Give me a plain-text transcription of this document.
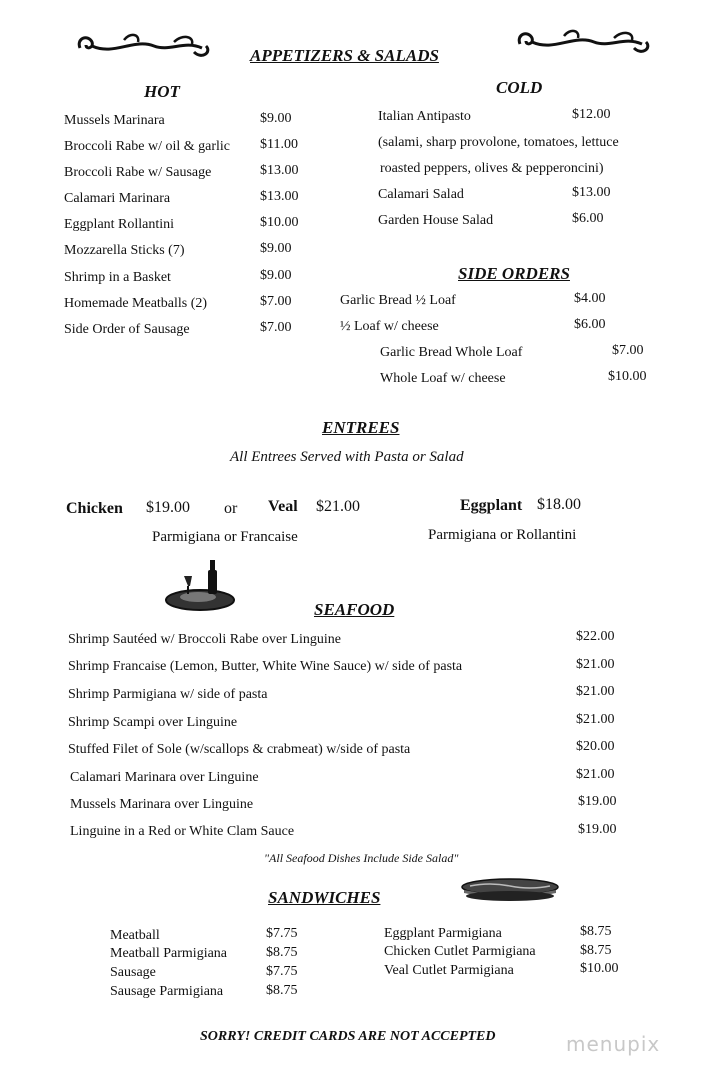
APPETIZERS & SALADS
HOT
Mussels Marinara	$9.00
Broccoli Rabe w/ oil & garlic $11.00
Broccoli Rabe w/ Sausage	$13.00
Calamari Marinara	$13.00
Eggplant Rollantini	$10.00
Mozzarella Sticks (7)	$9.00
Shrimp in a Basket	$9.00
Homemade Meatballs (2)	$7.00
Side Order of Sausage	$7.00
COLD
Italian Antipasto	$12.00
(salami, sharp provolone, tomatoes, lettuce
roasted peppers, olives & pepperoncini)
Calamari Salad	$13.00
Garden House Salad	$6.00
SIDE ORDERS
Garlic Bread ½ Loaf	$4.00
½ Loaf w/ cheese	$6.00
Garlic Bread Whole Loaf	$7.00
Whole Loaf w/ cheese	$10.00
ENTREES
All Entrees Served with Pasta or Salad
Chicken $19.00 or Veal $21.00
Parmigiana or Francaise
Eggplant $18.00
Parmigiana or Rollantini
SEAFOOD
Shrimp Sautéed w/ Broccoli Rabe over Linguine	$22.00
Shrimp Francaise (Lemon, Butter, White Wine Sauce) w/ side of pasta	$21.00
Shrimp Parmigiana w/ side of pasta	$21.00
Shrimp Scampi over Linguine	$21.00
Stuffed Filet of Sole (w/scallops & crabmeat) w/side of pasta	$20.00
Calamari Marinara over Linguine	$21.00
Mussels Marinara over Linguine	$19.00
Linguine in a Red or White Clam Sauce	$19.00
"All Seafood Dishes Include Side Salad"
SANDWICHES
Meatball	$7.75
Meatball Parmigiana	$8.75
Sausage	$7.75
Sausage Parmigiana	$8.75
Eggplant Parmigiana	$8.75
Chicken Cutlet Parmigiana	$8.75
Veal Cutlet Parmigiana	$10.00
SORRY! CREDIT CARDS ARE NOT ACCEPTED	menupix
